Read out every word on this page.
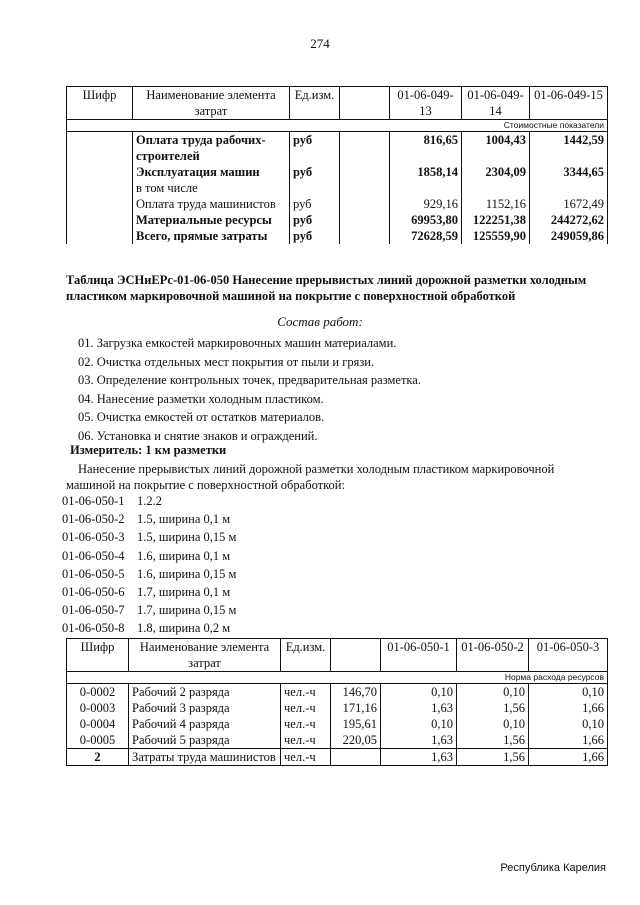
274
Шифр	Наименование элемента затрат	Ед.изм.		01-06-049-13	01-06-049-14	01-06-049-15
Стоимостные показатели						
	Оплата труда рабочих-строителей	руб		816,65	1004,43	1442,59
	Эксплуатация машин	руб		1858,14	2304,09	3344,65
	в том числе					
	Оплата труда машинистов	руб		929,16	1152,16	1672,49
	Материальные ресурсы	руб		69953,80	122251,38	244272,62
	Всего, прямые затраты	руб		72628,59	125559,90	249059,86
Таблица ЭСНиЕРс-01-06-050 Нанесение прерывистых линий дорожной разметки холодным пластиком маркировочной машиной на покрытие с поверхностной обработкой
Состав работ:
01. Загрузка емкостей маркировочных машин материалами.
02. Очистка отдельных мест покрытия от пыли и грязи.
03. Определение контрольных точек, предварительная разметка.
04. Нанесение разметки холодным пластиком.
05. Очистка емкостей от остатков материалов.
06. Установка и снятие знаков и ограждений.
Измеритель: 1 км разметки
Нанесение прерывистых линий дорожной разметки холодным пластиком маркировочной
машиной на покрытие с поверхностной обработкой:
01-06-050-1 1.2.2
01-06-050-2 1.5, ширина 0,1 м
01-06-050-3 1.5, ширина 0,15 м
01-06-050-4 1.6, ширина 0,1 м
01-06-050-5 1.6, ширина 0,15 м
01-06-050-6 1.7, ширина 0,1 м
01-06-050-7 1.7, ширина 0,15 м
01-06-050-8 1.8, ширина 0,2 м
Шифр	Наименование элемента затрат	Ед.изм.		01-06-050-1	01-06-050-2	01-06-050-3
Норма расхода ресурсов						
0-0002	Рабочий 2 разряда	чел.-ч	146,70	0,10	0,10	0,10
0-0003	Рабочий 3 разряда	чел.-ч	171,16	1,63	1,56	1,66
0-0004	Рабочий 4 разряда	чел.-ч	195,61	0,10	0,10	0,10
0-0005	Рабочий 5 разряда	чел.-ч	220,05	1,63	1,56	1,66
2	Затраты труда машинистов	чел.-ч		1,63	1,56	1,66
Республика Карелия
